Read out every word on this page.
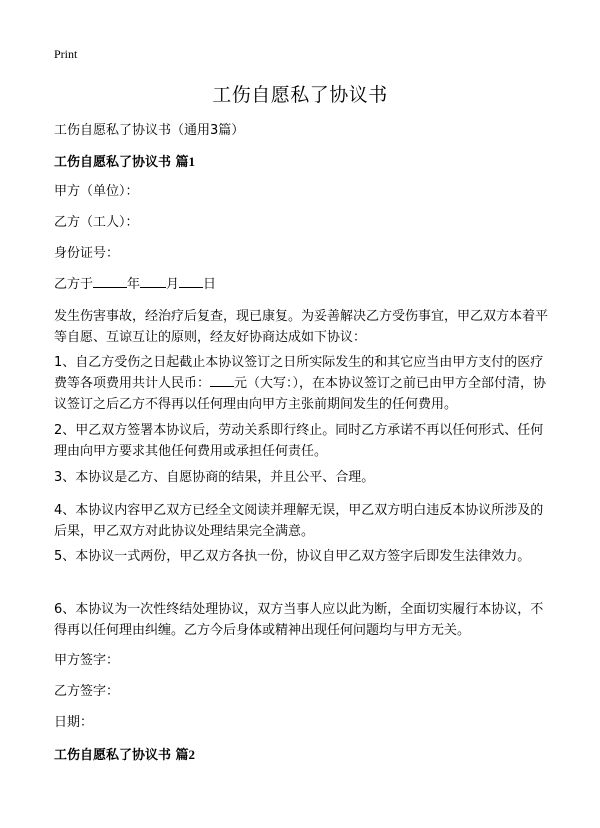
Print
工伤自愿私了协议书
工伤自愿私了协议书（通用3篇）
工伤自愿私了协议书 篇1
甲方（单位）：
乙方（工人）：
身份证号：
乙方于	年 月 日
发生伤害事故，经治疗后复查，现已康复。为妥善解决乙方受伤事宜，甲乙双方本着平等自愿、互谅互让的原则，经友好协商达成如下协议：
1、自乙方受伤之日起截止本协议签订之日所实际发生的和其它应当由甲方支付的医疗费等各项费用共计人民币： 元（大写：），在本协议签订之前已由甲方全部付清，协议签订之后乙方不得再以任何理由向甲方主张前期间发生的任何费用。
2、甲乙双方签署本协议后，劳动关系即行终止。同时乙方承诺不再以任何形式、任何理由向甲方要求其他任何费用或承担任何责任。
3、本协议是乙方、自愿协商的结果，并且公平、合理。
4、本协议内容甲乙双方已经全文阅读并理解无误，甲乙双方明白违反本协议所涉及的后果，甲乙双方对此协议处理结果完全满意。
5、本协议一式两份，甲乙双方各执一份，协议自甲乙双方签字后即发生法律效力。
6、本协议为一次性终结处理协议，双方当事人应以此为断，全面切实履行本协议，不得再以任何理由纠缠。乙方今后身体或精神出现任何问题均与甲方无关。
甲方签字：
乙方签字：
日期：
工伤自愿私了协议书 篇2
